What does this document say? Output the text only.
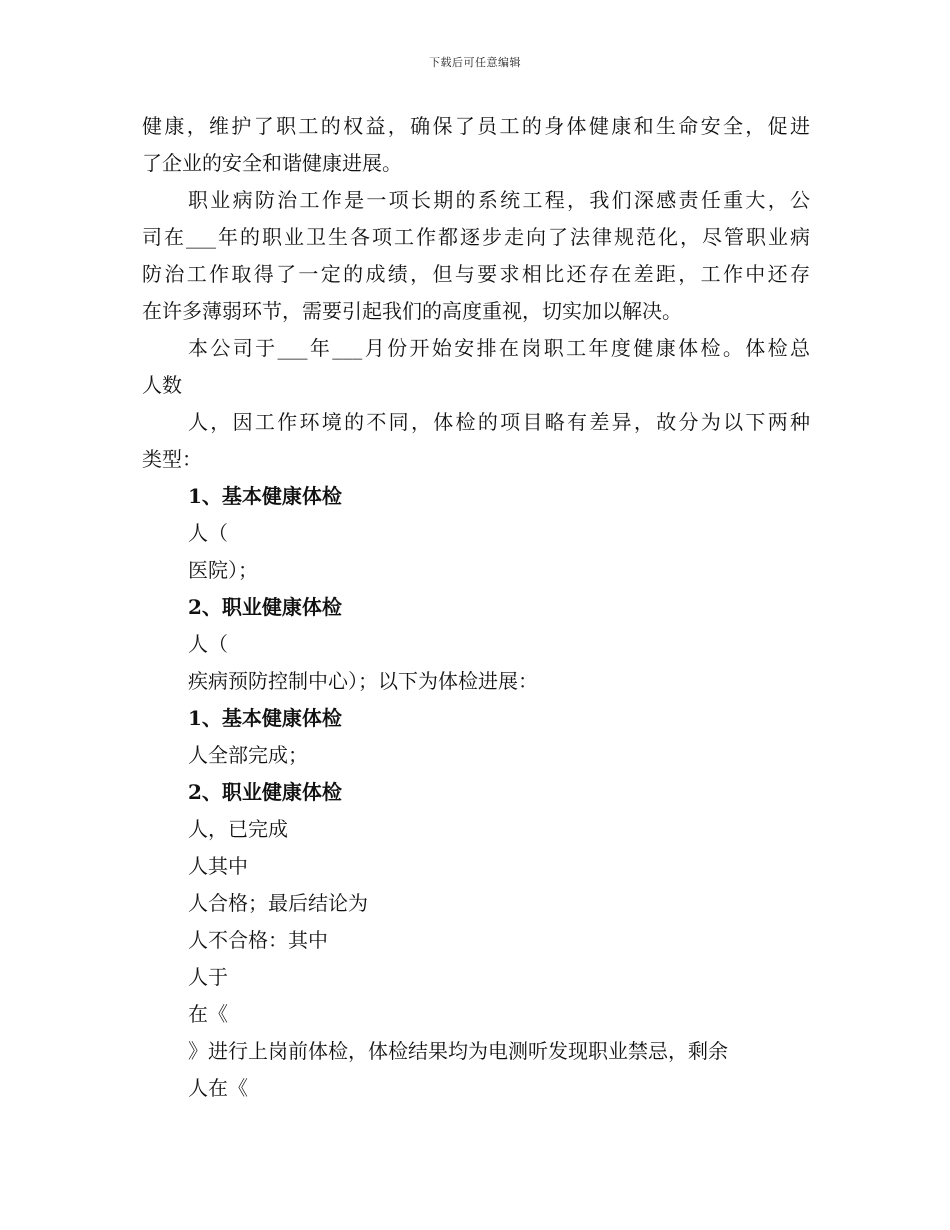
下载后可任意编辑
健康，维护了职工的权益，确保了员工的身体健康和生命安全，促进
了企业的安全和谐健康进展。
职业病防治工作是一项长期的系统工程，我们深感责任重大，公
司在___年的职业卫生各项工作都逐步走向了法律规范化，尽管职业病
防治工作取得了一定的成绩，但与要求相比还存在差距，工作中还存
在许多薄弱环节，需要引起我们的高度重视，切实加以解决。
本公司于___年___月份开始安排在岗职工年度健康体检。体检总
人数
人，因工作环境的不同，体检的项目略有差异，故分为以下两种
类型：
1、基本健康体检
人（
医院）；
2、职业健康体检
人（
疾病预防控制中心）；以下为体检进展：
1、基本健康体检
人全部完成；
2、职业健康体检
人，已完成
人其中
人合格；最后结论为
人不合格：其中
人于
在《
》进行上岗前体检，体检结果均为电测听发现职业禁忌，剩余
人在《
